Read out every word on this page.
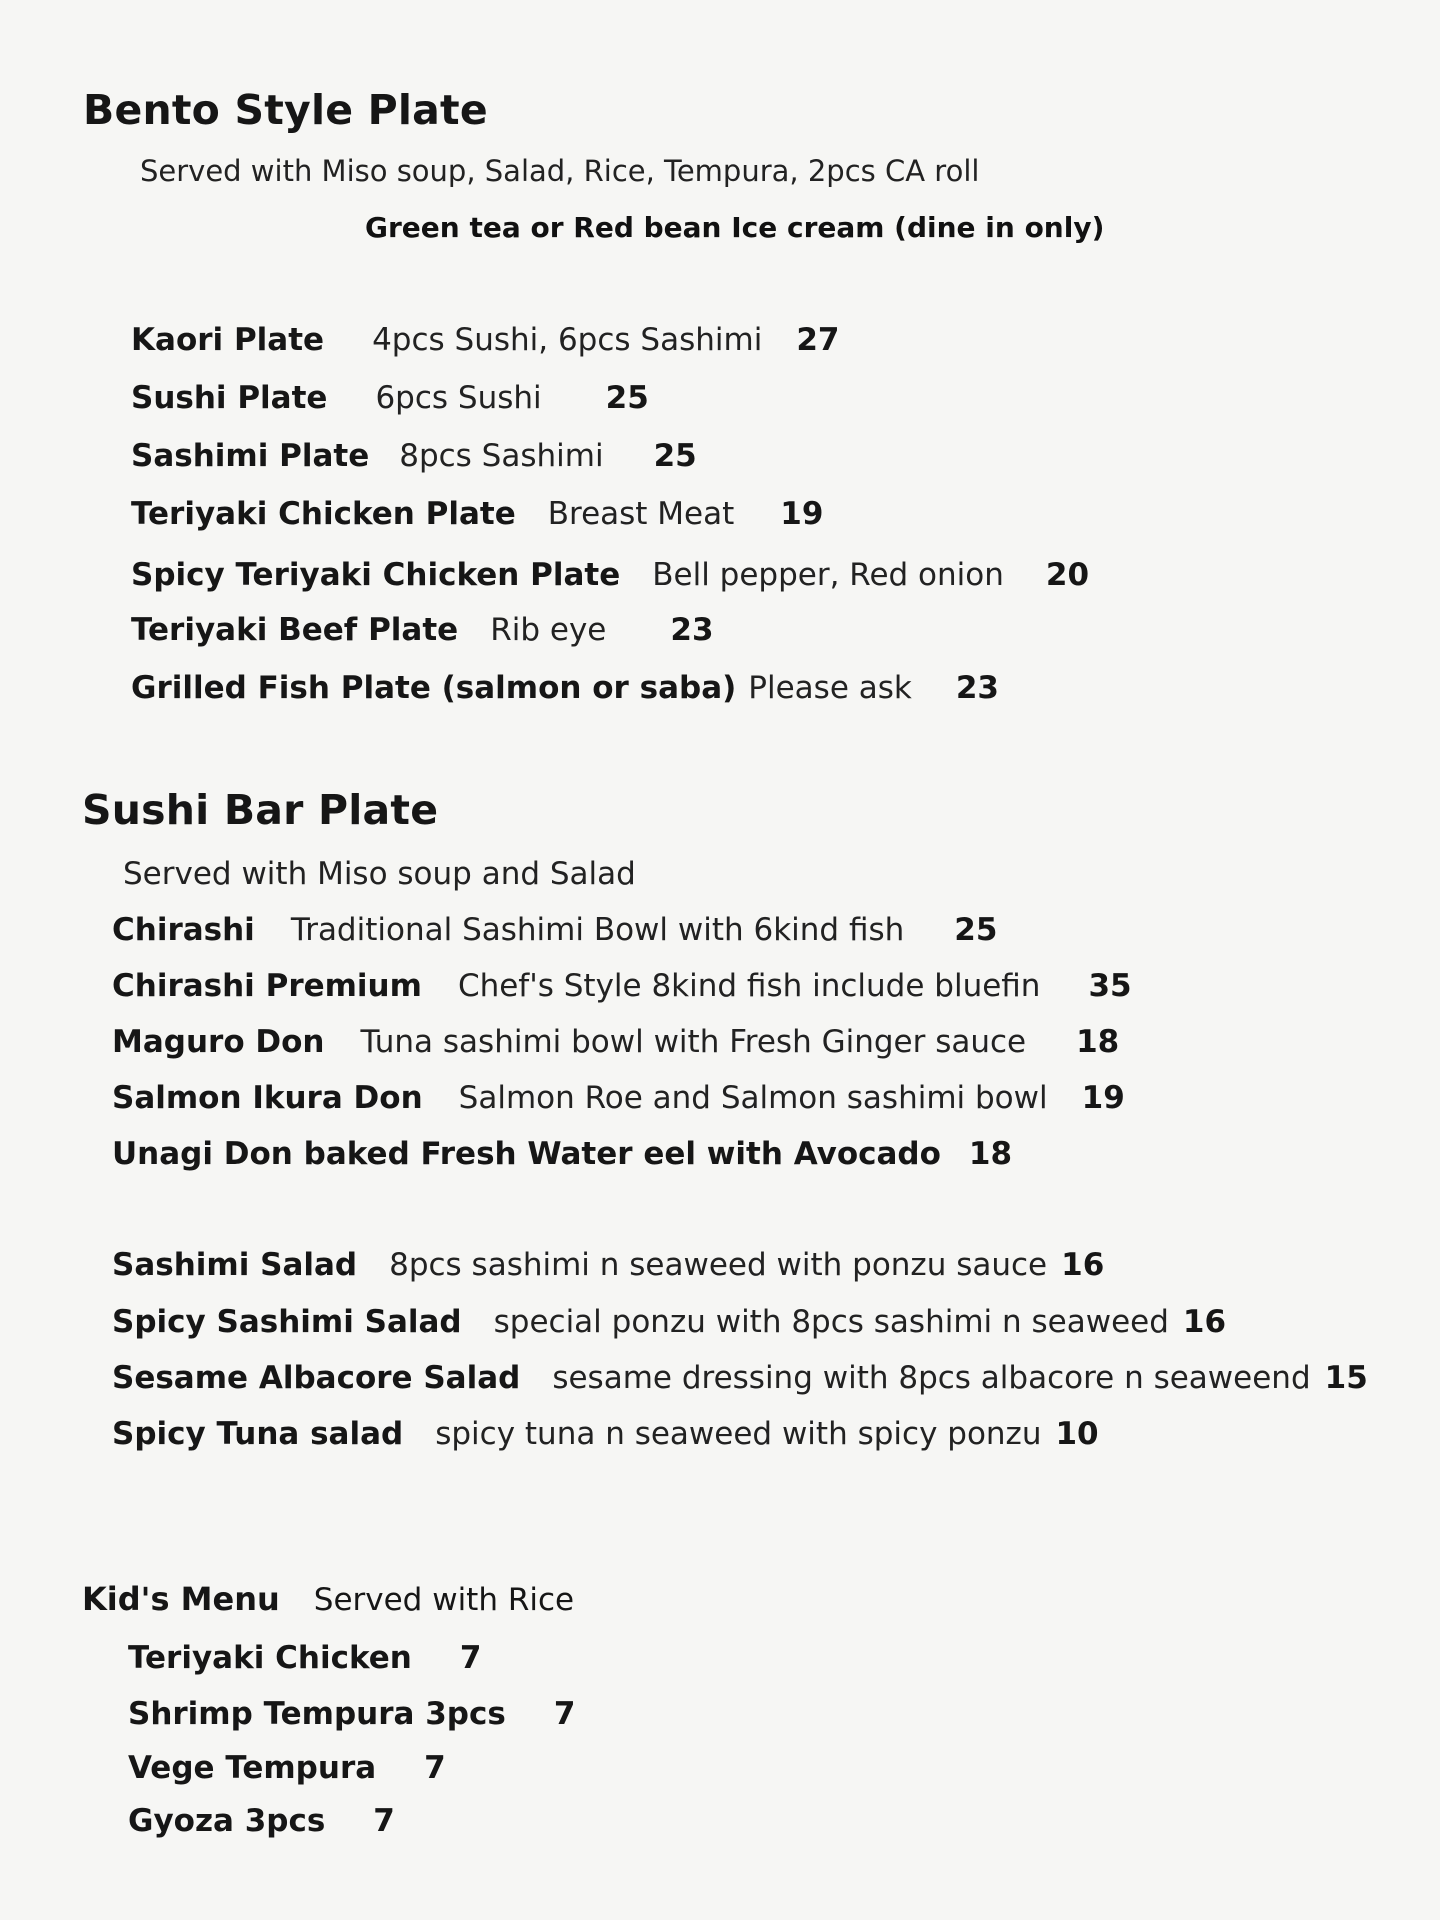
Bento Style Plate
Served with Miso soup, Salad, Rice, Tempura, 2pcs CA roll
Green tea or Red bean Ice cream (dine in only)
Kaori Plate 4pcs Sushi, 6pcs Sashimi 27
Sushi Plate 6pcs Sushi 25
Sashimi Plate 8pcs Sashimi 25
Teriyaki Chicken Plate Breast Meat 19
Spicy Teriyaki Chicken Plate Bell pepper, Red onion 20
Teriyaki Beef Plate Rib eye 23
Grilled Fish Plate (salmon or saba) Please ask 23
Sushi Bar Plate
Served with Miso soup and Salad
Chirashi Traditional Sashimi Bowl with 6kind fish 25
Chirashi Premium Chef's Style 8kind fish include bluefin 35
Maguro Don Tuna sashimi bowl with Fresh Ginger sauce 18
Salmon Ikura Don Salmon Roe and Salmon sashimi bowl 19
Unagi Don baked Fresh Water eel with Avocado 18
Sashimi Salad 8pcs sashimi n seaweed with ponzu sauce 16
Spicy Sashimi Salad special ponzu with 8pcs sashimi n seaweed 16
Sesame Albacore Salad sesame dressing with 8pcs albacore n seaweend 15
Spicy Tuna salad spicy tuna n seaweed with spicy ponzu 10
Kid's Menu Served with Rice
Teriyaki Chicken 7
Shrimp Tempura 3pcs 7
Vege Tempura 7
Gyoza 3pcs 7
